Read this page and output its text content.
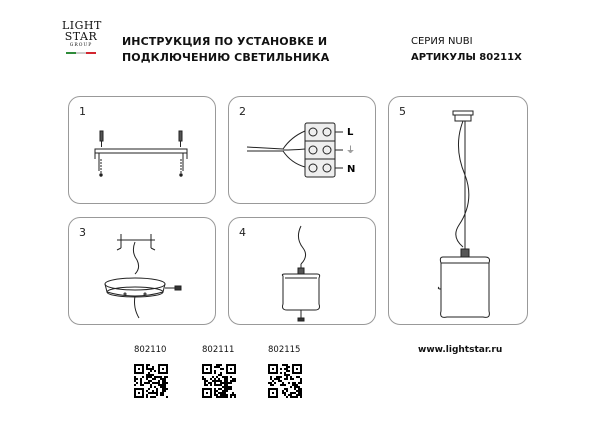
LIGHT
STAR
GROUP	ИНСТРУКЦИЯ ПО УСТАНОВКЕ И
ПОДКЛЮЧЕНИЮ СВЕТИЛЬНИКА
СЕРИЯ NUBI
АРТИКУЛЫ 80211X
1	2
L
⏚
N
3	4
5
802110	802111	802115	www.lightstar.ru
